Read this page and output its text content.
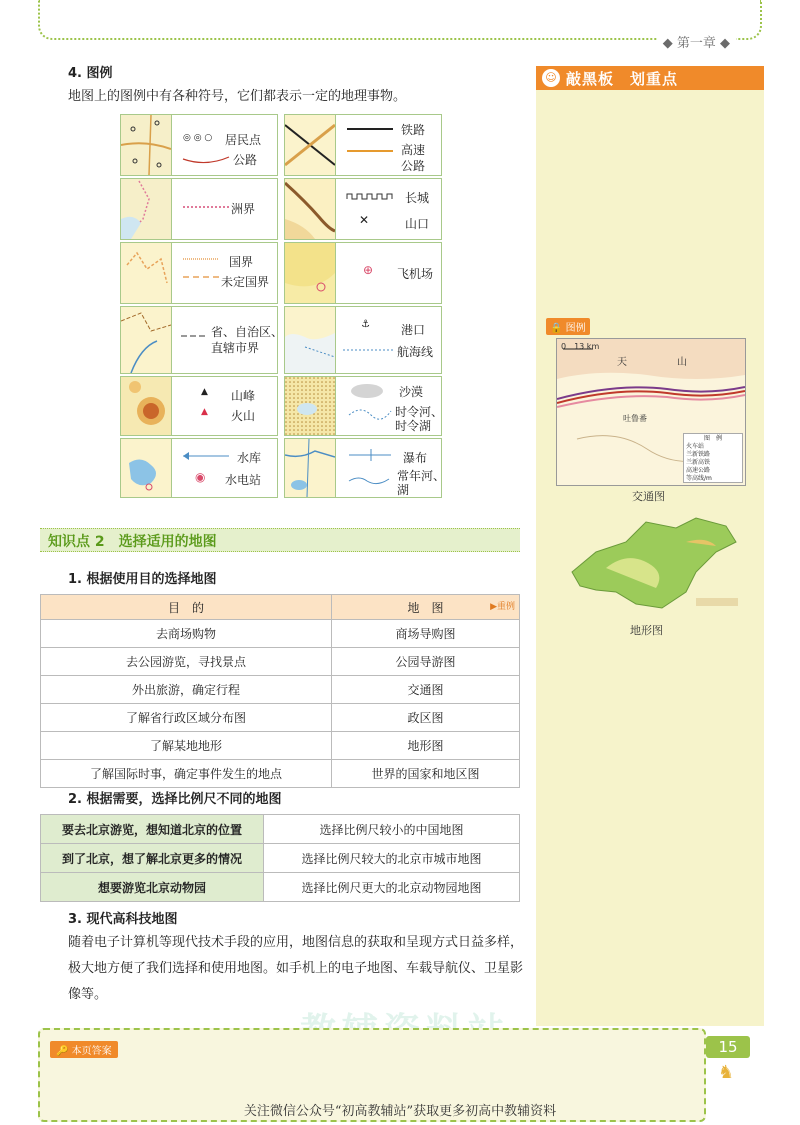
◆ 第一章 ◆
4. 图例
地图上的图例中有各种符号，它们都表示一定的地理事物。
◎ ◎ ○ 居民点
公路
铁路
高速
公路
洲界
长城
✕	山口
国界
未定国界
⊕ 飞机场
省、自治区、
直辖市界
⚓	港口
航海线
▲ 山峰
▲ 火山
沙漠
时令河、
时令湖
水库
◉ 水电站
瀑布
常年河、
湖
知识点 2　选择适用的地图
1. 根据使用目的选择地图
目　的	地　图 ▶重例

去商场购物	商场导购图
去公园游览，寻找景点	公园导游图
外出旅游，确定行程	交通图
了解省行政区域分布图	政区图
了解某地地形	地形图
了解国际时事，确定事件发生的地点	世界的国家和地区图
2. 根据需要，选择比例尺不同的地图
要去北京游览，想知道北京的位置	选择比例尺较小的中国地图
到了北京，想了解北京更多的情况	选择比例尺较大的北京市城市地图
想要游览北京动物园	选择比例尺更大的北京动物园地图
3. 现代高科技地图
随着电子计算机等现代技术手段的应用，地图信息的获取和呈现方式日益多样，极大地方便了我们选择和使用地图。如手机上的电子地图、车载导航仪、卫星影像等。
☺ 敲黑板　划重点
🔒 图例
0　13 km
天	山
吐鲁番
图　例
火车站
兰新铁路
兰新高铁
高速公路
等高线/m
交通图
地形图
🔑 本页答案	15
♞
关注微信公众号“初高教辅站”获取更多初高中教辅资料
